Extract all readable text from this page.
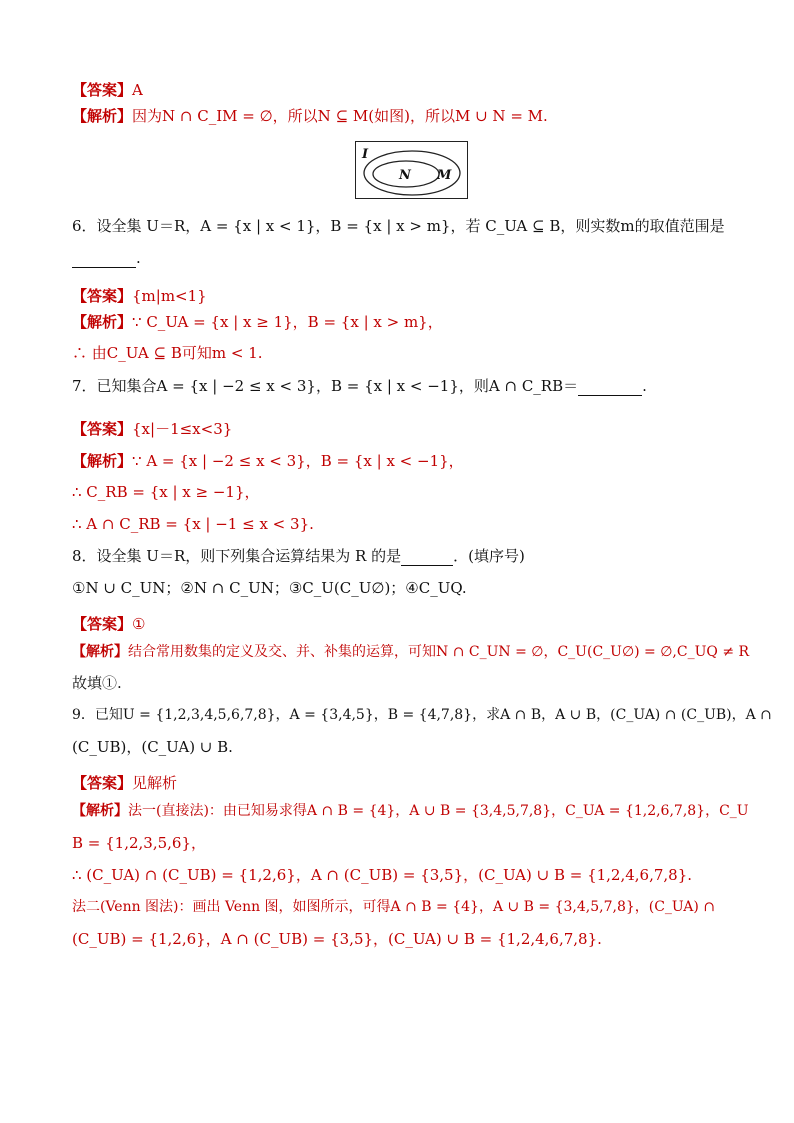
【答案】A
【解析】因为N ∩ C_IM = ∅，所以N ⊆ M(如图)，所以M ∪ N = M.
I
N M
6．设全集 U＝R，A = {x | x < 1}，B = {x | x > m}，若 C_UA ⊆ B，则实数m的取值范围是
.
【答案】{m|m<1}
【解析】∵ C_UA = {x | x ≥ 1}，B = {x | x > m}，
∴ 由C_UA ⊆ B可知m < 1.
7．已知集合A = {x | −2 ≤ x < 3}，B = {x | x < −1}，则A ∩ C_RB＝	.
【答案】{x|－1≤x<3}
【解析】∵ A = {x | −2 ≤ x < 3}，B = {x | x < −1}，
∴ C_RB = {x | x ≥ −1}，
∴ A ∩ C_RB = {x | −1 ≤ x < 3}.
8．设全集 U＝R，则下列集合运算结果为 R 的是	．(填序号)
①N ∪ C_UN；②N ∩ C_UN；③C_U(C_U∅)；④C_UQ.
【答案】①
【解析】结合常用数集的定义及交、并、补集的运算，可知N ∩ C_UN = ∅，C_U(C_U∅) = ∅,C_UQ ≠ R
故填①.
9．已知U = {1,2,3,4,5,6,7,8}，A = {3,4,5}，B = {4,7,8}，求A ∩ B，A ∪ B，(C_UA) ∩ (C_UB)，A ∩
(C_UB)，(C_UA) ∪ B.
【答案】见解析
【解析】法一(直接法)：由已知易求得A ∩ B = {4}，A ∪ B = {3,4,5,7,8}，C_UA = {1,2,6,7,8}，C_U
B = {1,2,3,5,6}，
∴ (C_UA) ∩ (C_UB) = {1,2,6}，A ∩ (C_UB) = {3,5}，(C_UA) ∪ B = {1,2,4,6,7,8}.
法二(Venn 图法)：画出 Venn 图，如图所示，可得A ∩ B = {4}，A ∪ B = {3,4,5,7,8}，(C_UA) ∩
(C_UB) = {1,2,6}，A ∩ (C_UB) = {3,5}，(C_UA) ∪ B = {1,2,4,6,7,8}.
